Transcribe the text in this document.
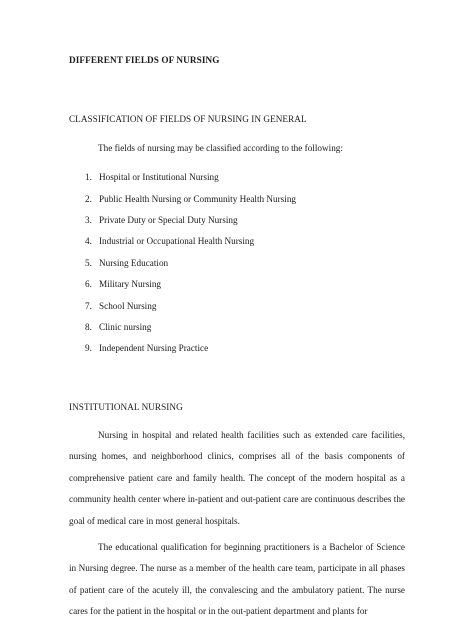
DIFFERENT FIELDS OF NURSING
CLASSIFICATION OF FIELDS OF NURSING IN GENERAL
The fields of nursing may be classified according to the following:
1. Hospital or Institutional Nursing
2. Public Health Nursing or Community Health Nursing
3. Private Duty or Special Duty Nursing
4. Industrial or Occupational Health Nursing
5. Nursing Education
6. Military Nursing
7. School Nursing
8. Clinic nursing
9. Independent Nursing Practice
INSTITUTIONAL NURSING

Nursing in hospital and related health facilities such as extended care facilities, nursing homes, and neighborhood clinics, comprises all of the basis components of comprehensive patient care and family health. The concept of the modern hospital as a community health center where in-patient and out-patient care are continuous describes the goal of medical care in most general hospitals.

The educational qualification for beginning practitioners is a Bachelor of Science in Nursing degree. The nurse as a member of the health care team, participate in all phases of patient care of the acutely ill, the convalescing and the ambulatory patient. The nurse cares for the patient in the hospital or in the out-patient department and plants for
